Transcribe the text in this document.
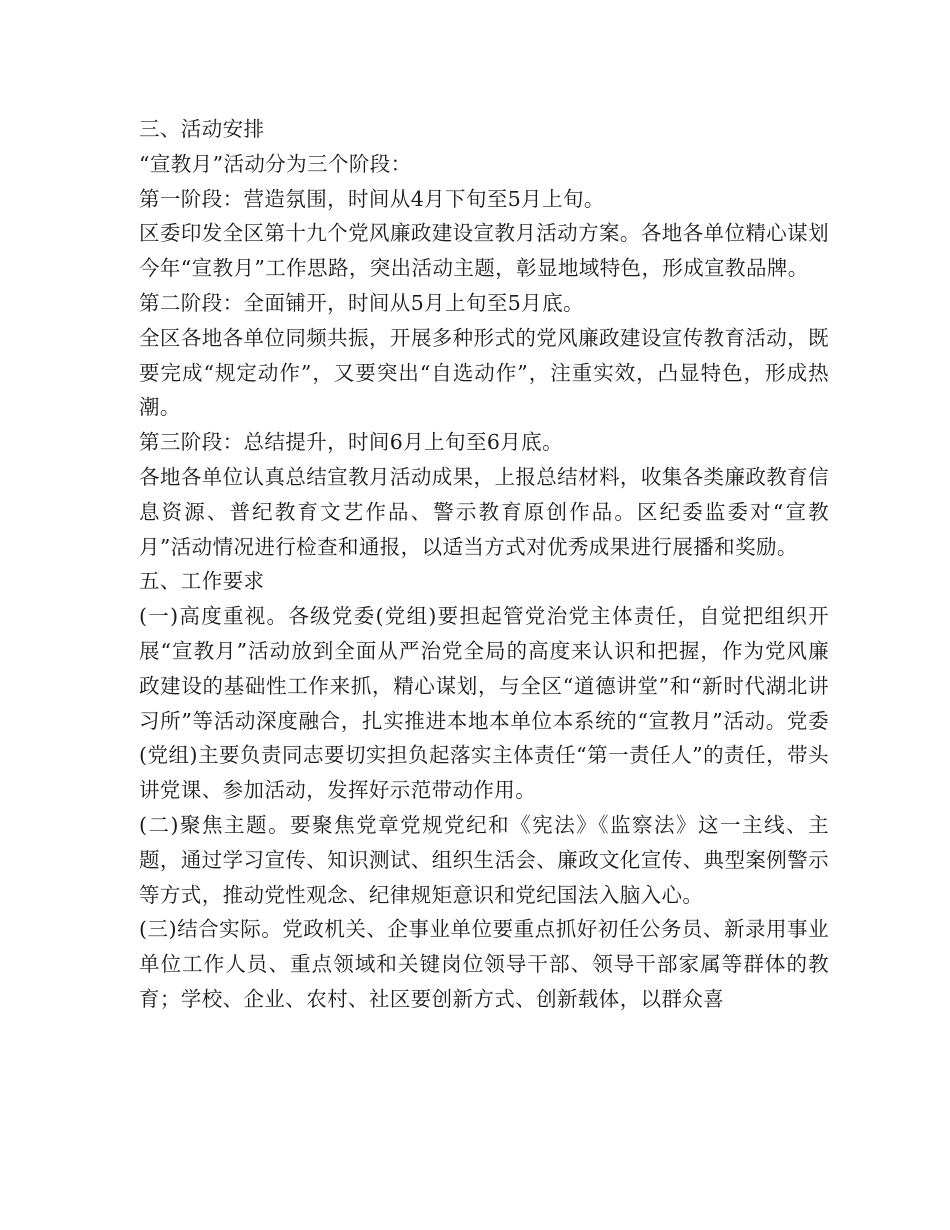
三、活动安排

“宣教月”活动分为三个阶段：

第一阶段：营造氛围，时间从4月下旬至5月上旬。

区委印发全区第十九个党风廉政建设宣教月活动方案。各地各单位精心谋划今年“宣教月”工作思路，突出活动主题，彰显地域特色，形成宣教品牌。

第二阶段：全面铺开，时间从5月上旬至5月底。

全区各地各单位同频共振，开展多种形式的党风廉政建设宣传教育活动，既要完成“规定动作”，又要突出“自选动作”，注重实效，凸显特色，形成热潮。

第三阶段：总结提升，时间6月上旬至6月底。

各地各单位认真总结宣教月活动成果，上报总结材料，收集各类廉政教育信息资源、普纪教育文艺作品、警示教育原创作品。区纪委监委对“宣教月”活动情况进行检查和通报，以适当方式对优秀成果进行展播和奖励。

五、工作要求

(一)高度重视。各级党委(党组)要担起管党治党主体责任，自觉把组织开展“宣教月”活动放到全面从严治党全局的高度来认识和把握，作为党风廉政建设的基础性工作来抓，精心谋划，与全区“道德讲堂”和“新时代湖北讲习所”等活动深度融合，扎实推进本地本单位本系统的“宣教月”活动。党委(党组)主要负责同志要切实担负起落实主体责任“第一责任人”的责任，带头讲党课、参加活动，发挥好示范带动作用。

(二)聚焦主题。要聚焦党章党规党纪和《宪法》《监察法》这一主线、主题，通过学习宣传、知识测试、组织生活会、廉政文化宣传、典型案例警示等方式，推动党性观念、纪律规矩意识和党纪国法入脑入心。

(三)结合实际。党政机关、企事业单位要重点抓好初任公务员、新录用事业单位工作人员、重点领域和关键岗位领导干部、领导干部家属等群体的教育；学校、企业、农村、社区要创新方式、创新载体，以群众喜
